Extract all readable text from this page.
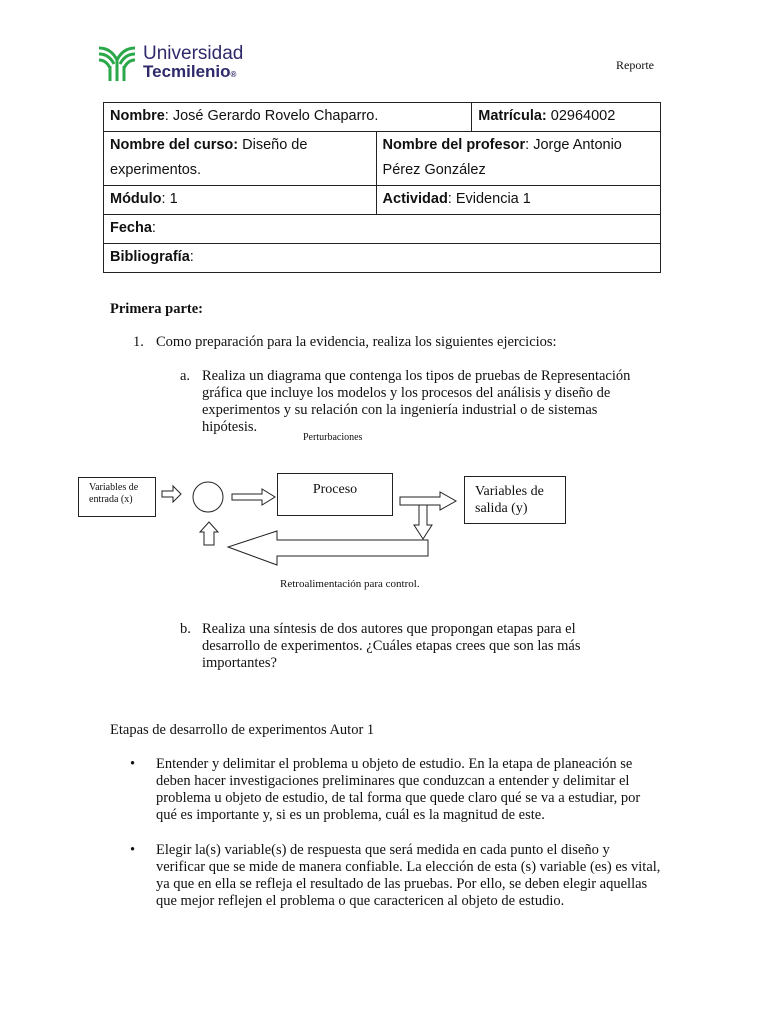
Universidad
Tecmilenio®
Reporte
Nombre: José Gerardo Rovelo Chaparro.		Matrícula: 02964002
Nombre del curso: Diseño de experimentos.	Nombre del profesor: Jorge Antonio Pérez González	
Módulo: 1	Actividad: Evidencia 1	
Fecha:		
Bibliografía:		
Primera parte:
1. Como preparación para la evidencia, realiza los siguientes ejercicios:
a. Realiza un diagrama que contenga los tipos de pruebas de Representación gráfica que incluye los modelos y los procesos del análisis y diseño de experimentos y su relación con la ingeniería industrial o de sistemas hipótesis.
Perturbaciones
Variables de entrada (x)
Proceso	Variables de salida (y)
Retroalimentación para control.
b. Realiza una síntesis de dos autores que propongan etapas para el desarrollo de experimentos. ¿Cuáles etapas crees que son las más importantes?
Etapas de desarrollo de experimentos Autor 1
• Entender y delimitar el problema u objeto de estudio. En la etapa de planeación se deben hacer investigaciones preliminares que conduzcan a entender y delimitar el problema u objeto de estudio, de tal forma que quede claro qué se va a estudiar, por qué es importante y, si es un problema, cuál es la magnitud de este.
• Elegir la(s) variable(s) de respuesta que será medida en cada punto el diseño y verificar que se mide de manera confiable. La elección de esta (s) variable (es) es vital, ya que en ella se refleja el resultado de las pruebas. Por ello, se deben elegir aquellas que mejor reflejen el problema o que caractericen al objeto de estudio.
